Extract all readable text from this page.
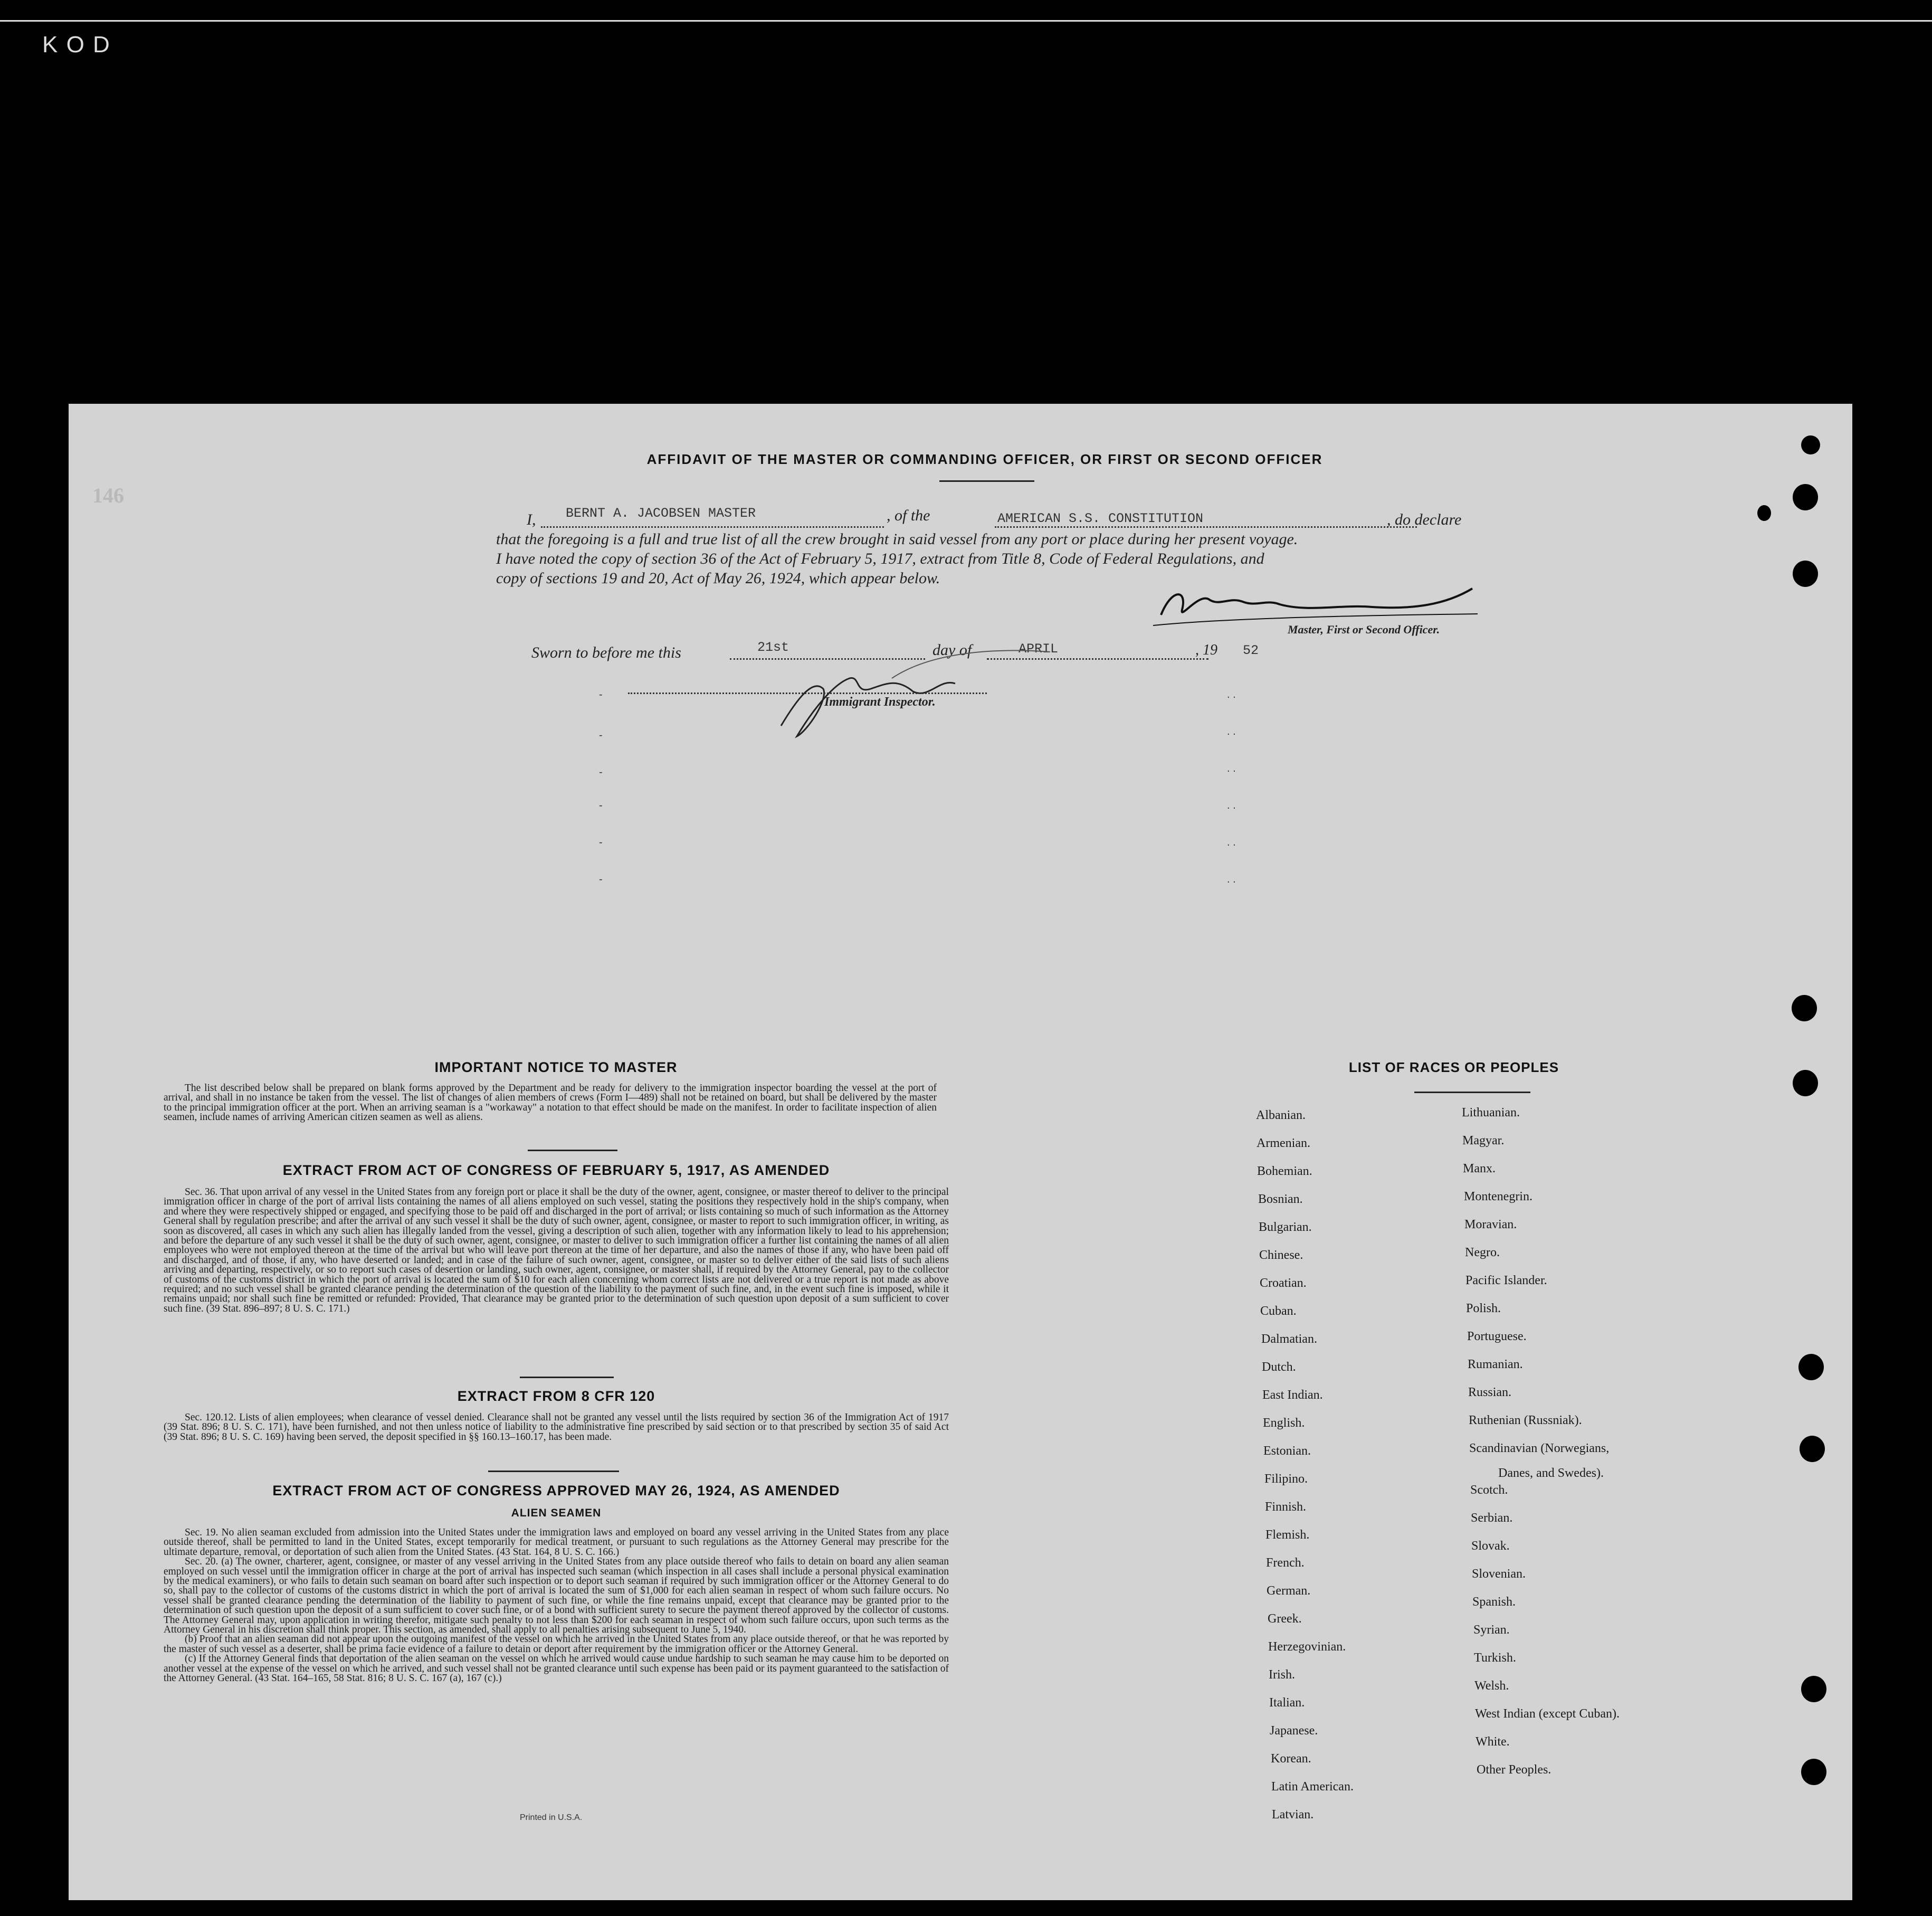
K O D
146
AFFIDAVIT OF THE MASTER OR COMMANDING OFFICER, OR FIRST OR SECOND OFFICER
I, BERNT A. JACOBSEN MASTER	, of the	AMERICAN S.S. CONSTITUTION	, do declare
that the foregoing is a full and true list of all the crew brought in said vessel from any port or place during her present voyage.
I have noted the copy of section 36 of the Act of February 5, 1917, extract from Title 8, Code of Federal Regulations, and
copy of sections 19 and 20, Act of May 26, 1924, which appear below.
Master, First or Second Officer.
Sworn to before me this	21st	day of	APRIL	, 19 52
Immigrant Inspector.
IMPORTANT NOTICE TO MASTER

The list described below shall be prepared on blank forms approved by the Department and be ready for delivery to the immigration inspector boarding the vessel at the port of arrival, and shall in no instance be taken from the vessel. The list of changes of alien members of crews (Form I—489) shall not be retained on board, but shall be delivered by the master to the principal immigration officer at the port. When an arriving seaman is a "workaway" a notation to that effect should be made on the manifest. In order to facilitate inspection of alien seamen, include names of arriving American citizen seamen as well as aliens.

EXTRACT FROM ACT OF CONGRESS OF FEBRUARY 5, 1917, AS AMENDED

Sec. 36. That upon arrival of any vessel in the United States from any foreign port or place it shall be the duty of the owner, agent, consignee, or master thereof to deliver to the principal immigration officer in charge of the port of arrival lists containing the names of all aliens employed on such vessel, stating the positions they respectively hold in the ship's company, when and where they were respectively shipped or engaged, and specifying those to be paid off and discharged in the port of arrival; or lists containing so much of such information as the Attorney General shall by regulation prescribe; and after the arrival of any such vessel it shall be the duty of such owner, agent, consignee, or master to report to such immigration officer, in writing, as soon as discovered, all cases in which any such alien has illegally landed from the vessel, giving a description of such alien, together with any information likely to lead to his apprehension; and before the departure of any such vessel it shall be the duty of such owner, agent, consignee, or master to deliver to such immigration officer a further list containing the names of all alien employees who were not employed thereon at the time of the arrival but who will leave port thereon at the time of her departure, and also the names of those if any, who have been paid off and discharged, and of those, if any, who have deserted or landed; and in case of the failure of such owner, agent, consignee, or master so to deliver either of the said lists of such aliens arriving and departing, respectively, or so to report such cases of desertion or landing, such owner, agent, consignee, or master shall, if required by the Attorney General, pay to the collector of customs of the customs district in which the port of arrival is located the sum of $10 for each alien concerning whom correct lists are not delivered or a true report is not made as above required; and no such vessel shall be granted clearance pending the determination of the question of the liability to the payment of such fine, and, in the event such fine is imposed, while it remains unpaid; nor shall such fine be remitted or refunded: Provided, That clearance may be granted prior to the determination of such question upon deposit of a sum sufficient to cover such fine. (39 Stat. 896–897; 8 U. S. C. 171.)

EXTRACT FROM 8 CFR 120

Sec. 120.12. Lists of alien employees; when clearance of vessel denied. Clearance shall not be granted any vessel until the lists required by section 36 of the Immigration Act of 1917 (39 Stat. 896; 8 U. S. C. 171), have been furnished, and not then unless notice of liability to the administrative fine prescribed by said section or to that prescribed by section 35 of said Act (39 Stat. 896; 8 U. S. C. 169) having been served, the deposit specified in §§ 160.13–160.17, has been made.

EXTRACT FROM ACT OF CONGRESS APPROVED MAY 26, 1924, AS AMENDED
ALIEN SEAMEN

Sec. 19. No alien seaman excluded from admission into the United States under the immigration laws and employed on board any vessel arriving in the United States from any place outside thereof, shall be permitted to land in the United States, except temporarily for medical treatment, or pursuant to such regulations as the Attorney General may prescribe for the ultimate departure, removal, or deportation of such alien from the United States. (43 Stat. 164, 8 U. S. C. 166.)

Sec. 20. (a) The owner, charterer, agent, consignee, or master of any vessel arriving in the United States from any place outside thereof who fails to detain on board any alien seaman employed on such vessel until the immigration officer in charge at the port of arrival has inspected such seaman (which inspection in all cases shall include a personal physical examination by the medical examiners), or who fails to detain such seaman on board after such inspection or to deport such seaman if required by such immigration officer or the Attorney General to do so, shall pay to the collector of customs of the customs district in which the port of arrival is located the sum of $1,000 for each alien seaman in respect of whom such failure occurs. No vessel shall be granted clearance pending the determination of the liability to payment of such fine, or while the fine remains unpaid, except that clearance may be granted prior to the determination of such question upon the deposit of a sum sufficient to cover such fine, or of a bond with sufficient surety to secure the payment thereof approved by the collector of customs. The Attorney General may, upon application in writing therefor, mitigate such penalty to not less than $200 for each seaman in respect of whom such failure occurs, upon such terms as the Attorney General in his discretion shall think proper. This section, as amended, shall apply to all penalties arising subsequent to June 5, 1940.

(b) Proof that an alien seaman did not appear upon the outgoing manifest of the vessel on which he arrived in the United States from any place outside thereof, or that he was reported by the master of such vessel as a deserter, shall be prima facie evidence of a failure to detain or deport after requirement by the immigration officer or the Attorney General.

(c) If the Attorney General finds that deportation of the alien seaman on the vessel on which he arrived would cause undue hardship to such seaman he may cause him to be deported on another vessel at the expense of the vessel on which he arrived, and such vessel shall not be granted clearance until such expense has been paid or its payment guaranteed to the satisfaction of the Attorney General. (43 Stat. 164–165, 58 Stat. 816; 8 U. S. C. 167 (a), 167 (c).)

Printed in U.S.A.
LIST OF RACES OR PEOPLES
Albanian.
Armenian.
Bohemian.
Bosnian.
Bulgarian.
Chinese.
Croatian.
Cuban.
Dalmatian.
Dutch.
East Indian.
English.
Estonian.
Filipino.
Finnish.
Flemish.
French.
German.
Greek.
Herzegovinian.
Irish.
Italian.
Japanese.
Korean.
Latin American.
Latvian.
Lithuanian.
Magyar.
Manx.
Montenegrin.
Moravian.
Negro.
Pacific Islander.
Polish.
Portuguese.
Rumanian.
Russian.
Ruthenian (Russniak).
Scandinavian (Norwegians,
Scotch.
Serbian.
Slovak.
Slovenian.
Spanish.
Syrian.
Turkish.
Welsh.
West Indian (except Cuban).
White.
Other Peoples.
Danes, and Swedes).
-
-
-
-
-
-
. .
. .
. .
. .
. .
. .
